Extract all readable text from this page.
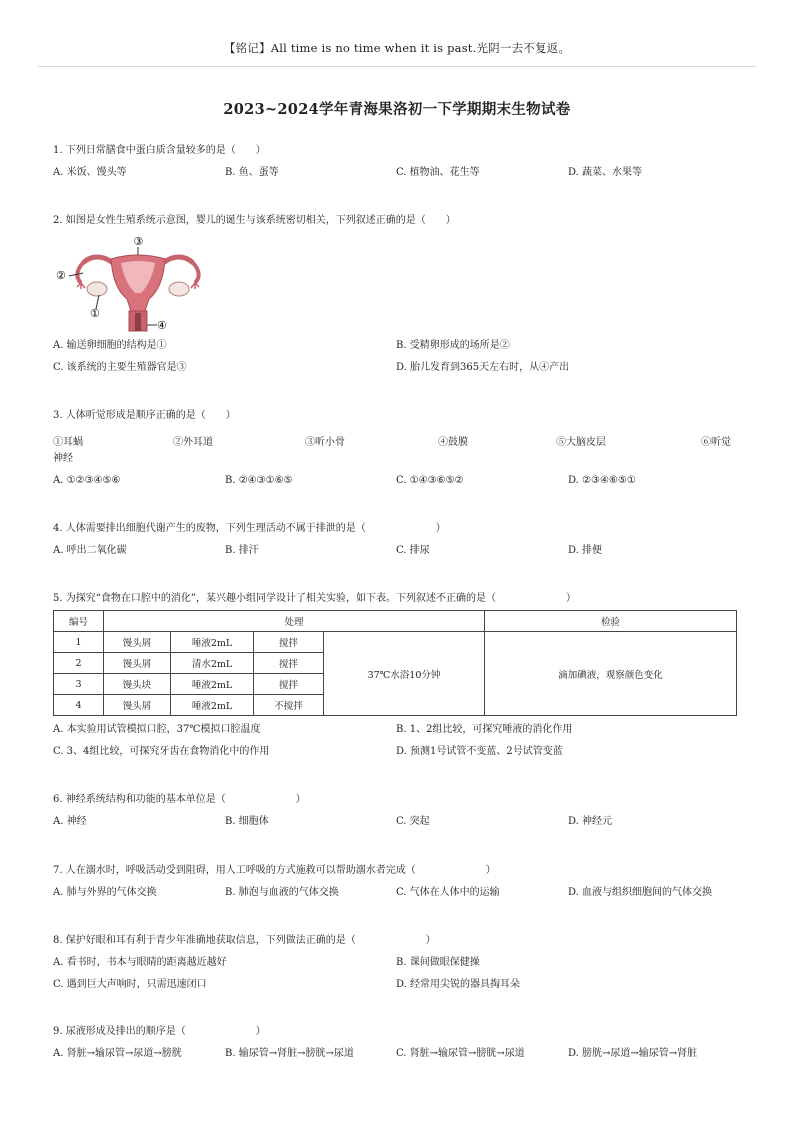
【铭记】All time is no time when it is past.光阴一去不复返。
2023~2024学年青海果洛初一下学期期末生物试卷
1. 下列日常膳食中蛋白质含量较多的是（　　）
A. 米饭、馒头等	B. 鱼、蛋等	C. 植物油、花生等	D. 蔬菜、水果等
2. 如图是女性生殖系统示意图，婴儿的诞生与该系统密切相关，下列叙述正确的是（　　）
③
②
①
④
A. 输送卵细胞的结构是①	B. 受精卵形成的场所是②
C. 该系统的主要生殖器官是③	D. 胎儿发育到365天左右时，从④产出
3. 人体听觉形成是顺序正确的是（　　）
①耳蜗	②外耳道	③听小骨	④鼓膜	⑤大脑皮层	⑥听觉
神经
A. ①②③④⑤⑥	B. ②④③①⑥⑤	C. ①④③⑥⑤②	D. ②③④⑥⑤①
4. 人体需要排出细胞代谢产生的废物，下列生理活动不属于排泄的是（　　　　　　　）
A. 呼出二氧化碳	B. 排汗	C. 排尿	D. 排便
5. 为探究“食物在口腔中的消化”，某兴趣小组同学设计了相关实验，如下表。下列叙述不正确的是（　　　　　　　）
编号	处理				检验
1	馒头屑	唾液2mL	搅拌	37℃水浴10分钟	滴加碘液，观察颜色变化
2	馒头屑	清水2mL	搅拌		
3	馒头块	唾液2mL	搅拌		
4	馒头屑	唾液2mL	不搅拌		
A. 本实验用试管模拟口腔，37℃模拟口腔温度	B. 1、2组比较，可探究唾液的消化作用
C. 3、4组比较，可探究牙齿在食物消化中的作用	D. 预测1号试管不变蓝、2号试管变蓝
6. 神经系统结构和功能的基本单位是（　　　　　　　）
A. 神经	B. 细胞体	C. 突起	D. 神经元
7. 人在溺水时，呼吸活动受到阻碍，用人工呼吸的方式施救可以帮助溺水者完成（　　　　　　　）
A. 肺与外界的气体交换	B. 肺泡与血液的气体交换	C. 气体在人体中的运输	D. 血液与组织细胞间的气体交换
8. 保护好眼和耳有利于青少年准确地获取信息，下列做法正确的是（　　　　　　　）
A. 看书时，书本与眼睛的距离越近越好	B. 课间做眼保健操
C. 遇到巨大声响时，只需迅速闭口	D. 经常用尖锐的器具掏耳朵
9. 尿液形成及排出的顺序是（　　　　　　　）
A. 肾脏→输尿管→尿道→膀胱	B. 输尿管→肾脏→膀胱→尿道	C. 肾脏→输尿管→膀胱→尿道	D. 膀胱→尿道→输尿管→肾脏
